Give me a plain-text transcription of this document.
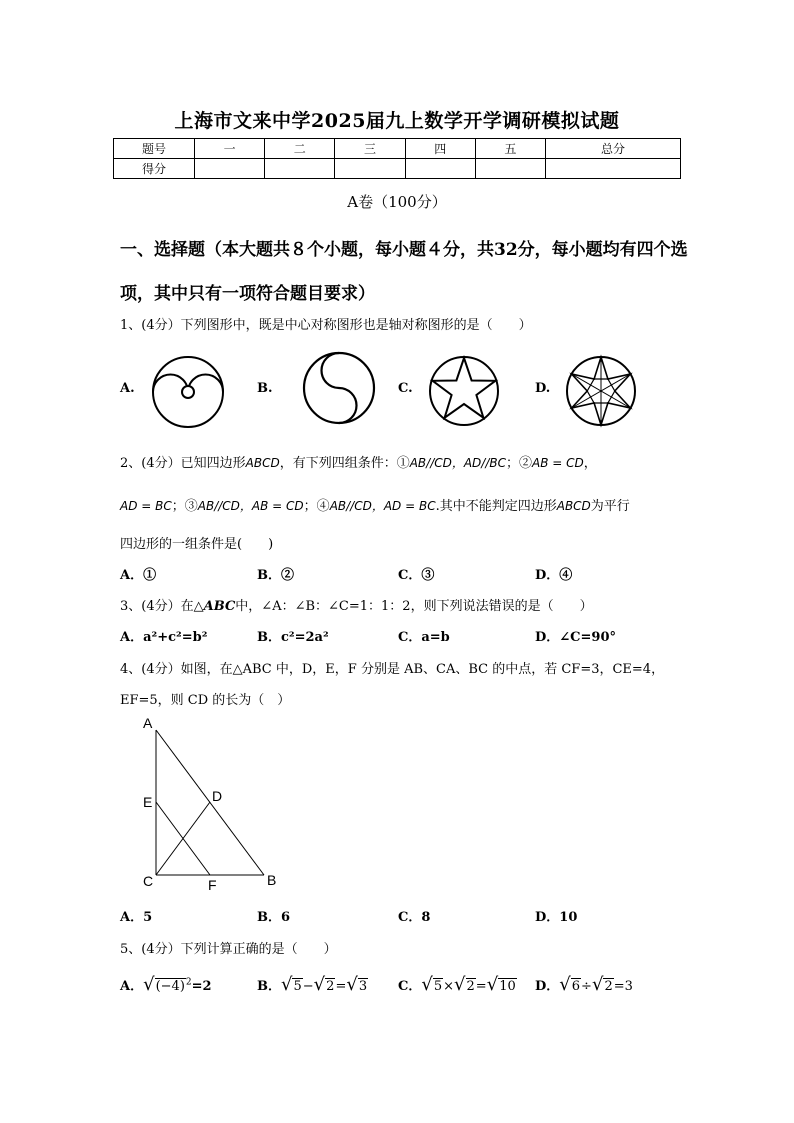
上海市文来中学2025届九上数学开学调研模拟试题
题号	一	二	三	四	五	总分
得分						
A卷（100分）
一、选择题（本大题共８个小题，每小题４分，共32分，每小题均有四个选项，其中只有一项符合题目要求）
1、(4分）下列图形中，既是中心对称图形也是轴对称图形的是（　　）
A.	B.	C.	D.
2、(4分）已知四边形ABCD，有下列四组条件：①AB//CD，AD//BC；②AB = CD，
AD = BC；③AB//CD，AB = CD；④AB//CD，AD = BC.其中不能判定四边形ABCD为平行
四边形的一组条件是(　　)
A．①	B．②	C．③	D．④
3、(4分）在△ABC中，∠A：∠B：∠C=1：1：2，则下列说法错误的是（　　）
A．a²+c²=b²	B．c²=2a²	C．a=b	D．∠C=90°
4、(4分）如图，在△ABC 中，D，E，F 分别是 AB、CA、BC 的中点，若 CF=3，CE=4，
EF=5，则 CD 的长为（　）
A
E	D
C	F	B
A．5	B．6	C．8	D．10
5、(4分）下列计算正确的是（　　）
A．$√(-4)^2=2$	B．√5−√2=√3 C．√5×√2=√10 D．√6÷√2=3
